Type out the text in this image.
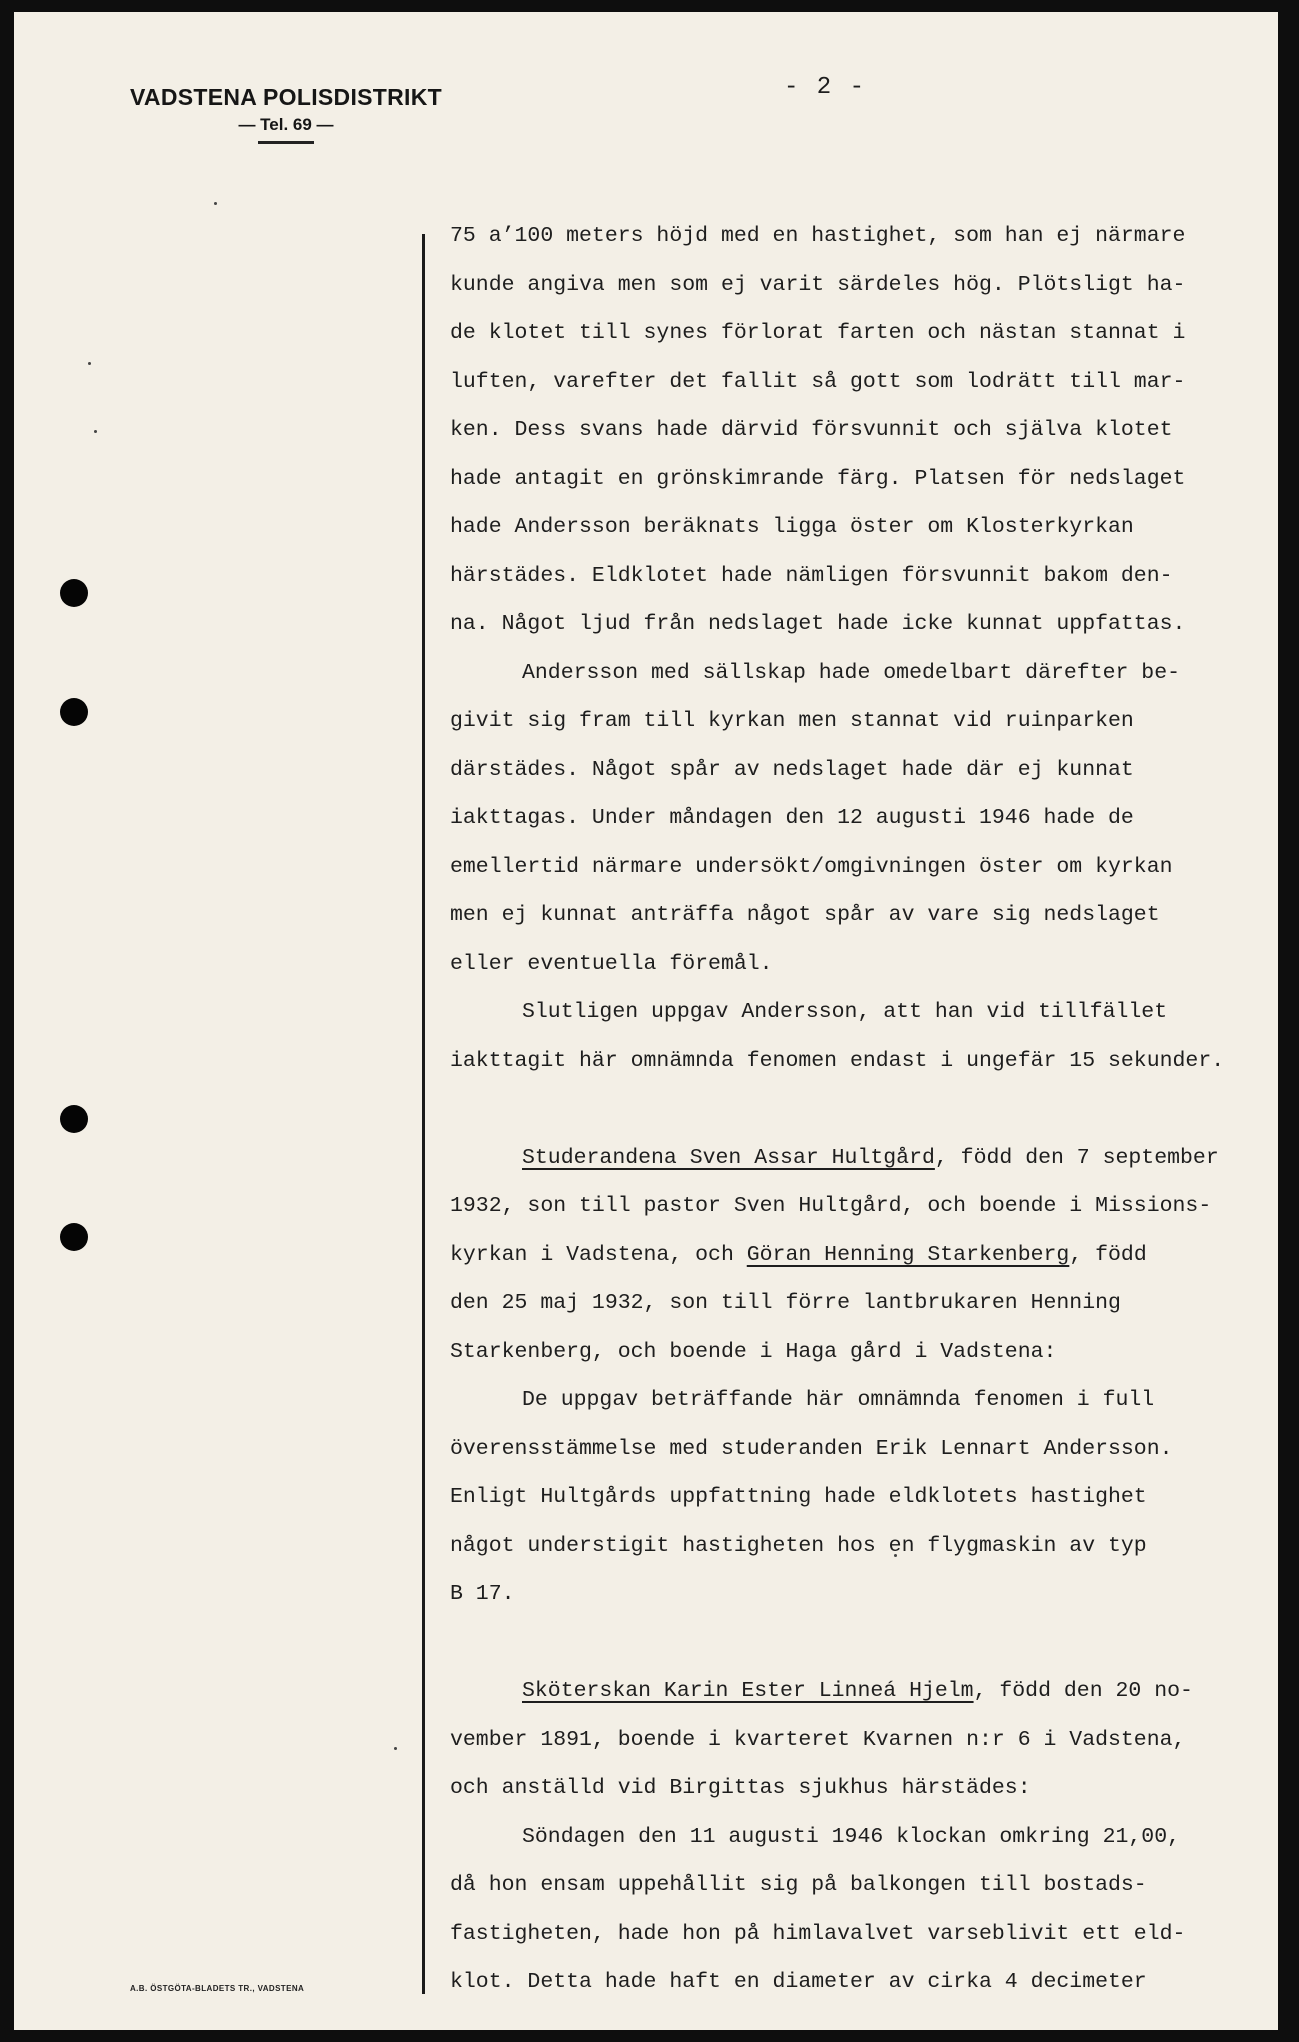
VADSTENA POLISDISTRIKT
— Tel. 69 —
- 2 -
75 a’100 meters höjd med en hastighet, som han ej närmare
kunde angiva men som ej varit särdeles hög. Plötsligt ha-
de klotet till synes förlorat farten och nästan stannat i
luften, varefter det fallit så gott som lodrätt till mar-
ken. Dess svans hade därvid försvunnit och själva klotet
hade antagit en grönskimrande färg. Platsen för nedslaget
hade Andersson beräknats ligga öster om Klosterkyrkan
härstädes. Eldklotet hade nämligen försvunnit bakom den-
na. Något ljud från nedslaget hade icke kunnat uppfattas.
Andersson med sällskap hade omedelbart därefter be-
givit sig fram till kyrkan men stannat vid ruinparken
därstädes. Något spår av nedslaget hade där ej kunnat
iakttagas. Under måndagen den 12 augusti 1946 hade de
emellertid närmare undersökt/omgivningen öster om kyrkan
men ej kunnat anträffa något spår av vare sig nedslaget
eller eventuella föremål.
Slutligen uppgav Andersson, att han vid tillfället
iakttagit här omnämnda fenomen endast i ungefär 15 sekunder.
Studerandena Sven Assar Hultgård, född den 7 september
1932, son till pastor Sven Hultgård, och boende i Missions-
kyrkan i Vadstena, och Göran Henning Starkenberg, född
den 25 maj 1932, son till förre lantbrukaren Henning
Starkenberg, och boende i Haga gård i Vadstena:
De uppgav beträffande här omnämnda fenomen i full
överensstämmelse med studeranden Erik Lennart Andersson.
Enligt Hultgårds uppfattning hade eldklotets hastighet
något understigit hastigheten hos en flygmaskin av typ
B 17.
Sköterskan Karin Ester Linneá Hjelm, född den 20 no-
vember 1891, boende i kvarteret Kvarnen n:r 6 i Vadstena,
och anställd vid Birgittas sjukhus härstädes:
Söndagen den 11 augusti 1946 klockan omkring 21,00,
då hon ensam uppehållit sig på balkongen till bostads-
fastigheten, hade hon på himlavalvet varseblivit ett eld-
klot. Detta hade haft en diameter av cirka 4 decimeter
A.B. ÖSTGÖTA-BLADETS TR., VADSTENA
